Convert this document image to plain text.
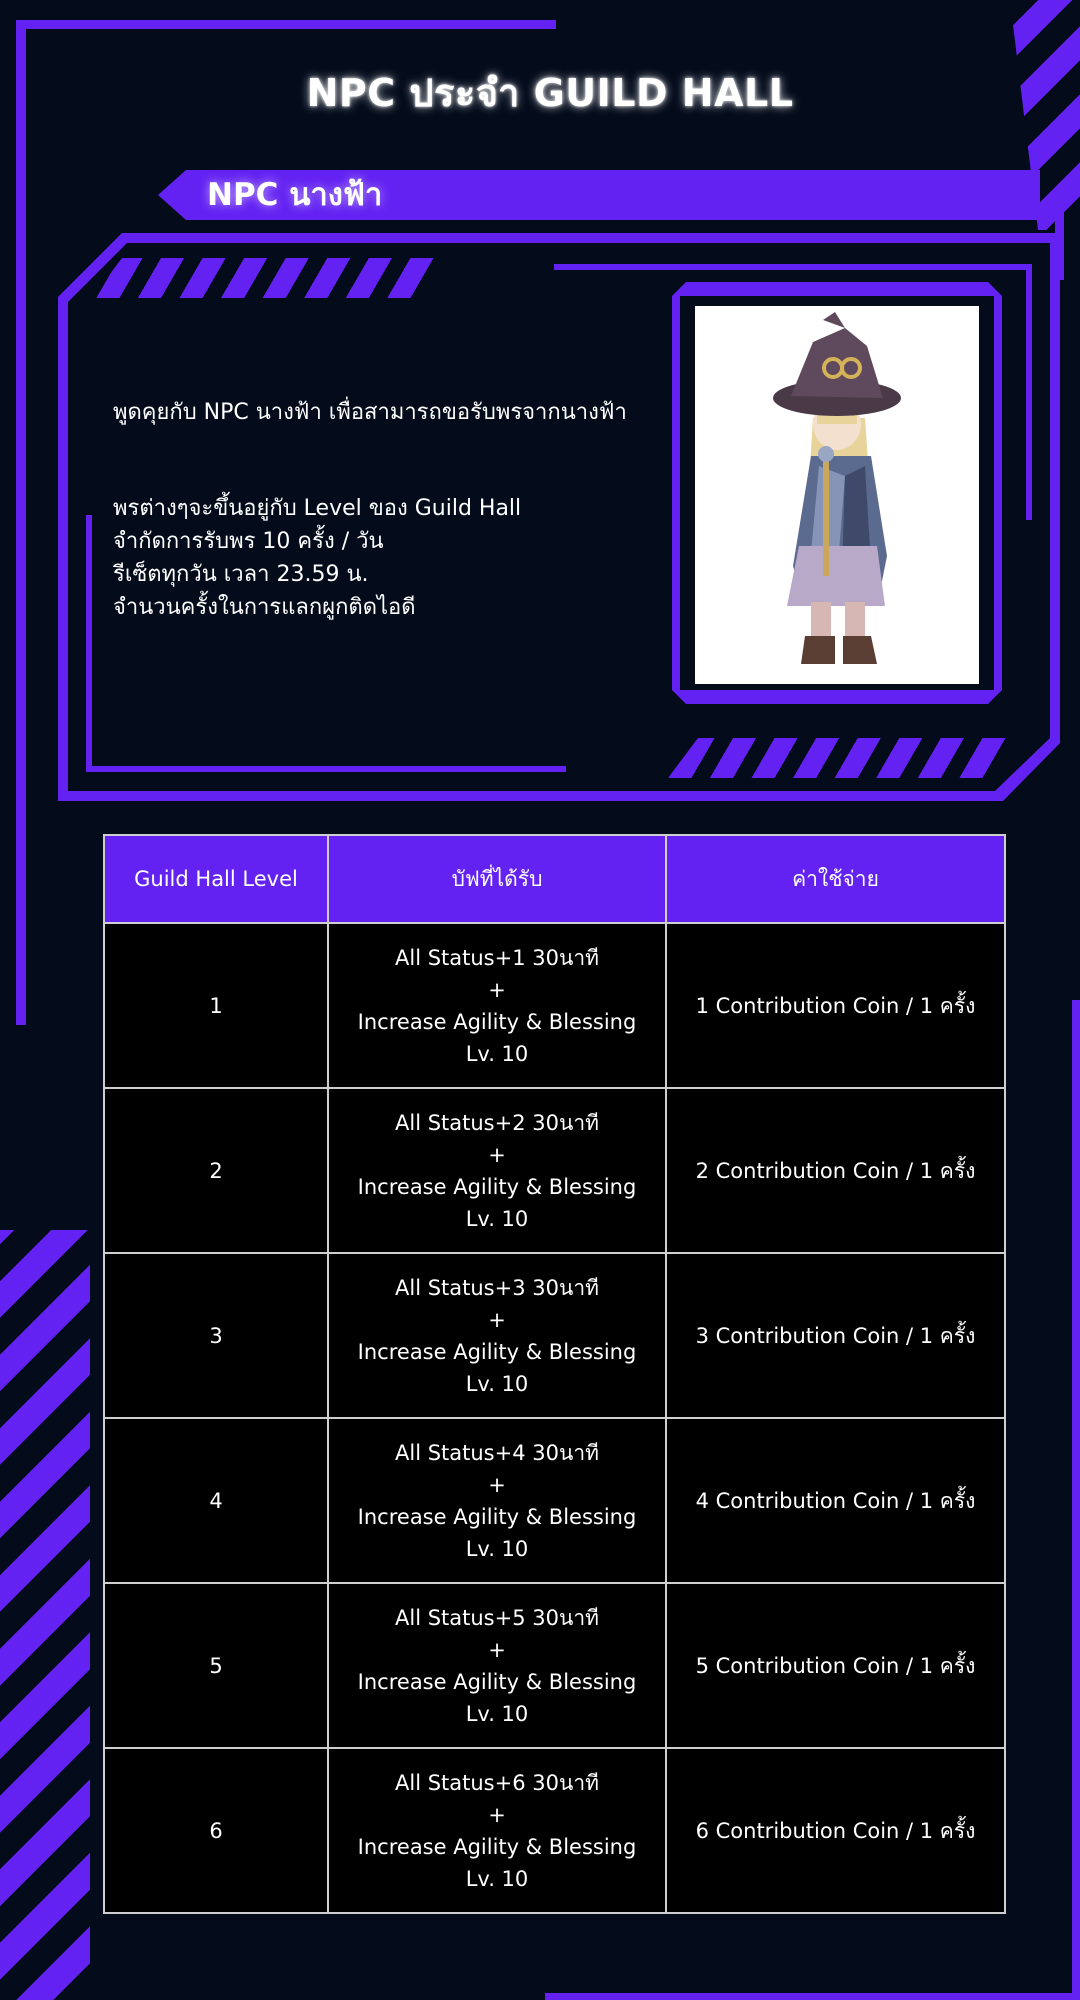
NPC ประจำ GUILD HALL
NPC นางฟ้า

พูดคุยกับ NPC นางฟ้า เพื่อสามารถขอรับพรจากนางฟ้า

พรต่างๆจะขึ้นอยู่กับ Level ของ Guild Hall

จำกัดการรับพร 10 ครั้ง / วัน

รีเซ็ตทุกวัน เวลา 23.59 น.

จำนวนครั้งในการแลกผูกติดไอดี

Guild Hall Level	บัฟที่ได้รับ	ค่าใช้จ่าย
1	All Status+1 30นาที
+
Increase Agility & Blessing
Lv. 10	1 Contribution Coin / 1 ครั้ง
2	All Status+2 30นาที
+
Increase Agility & Blessing
Lv. 10	2 Contribution Coin / 1 ครั้ง
3	All Status+3 30นาที
+
Increase Agility & Blessing
Lv. 10	3 Contribution Coin / 1 ครั้ง
4	All Status+4 30นาที
+
Increase Agility & Blessing
Lv. 10	4 Contribution Coin / 1 ครั้ง
5	All Status+5 30นาที
+
Increase Agility & Blessing
Lv. 10	5 Contribution Coin / 1 ครั้ง
6	All Status+6 30นาที
+
Increase Agility & Blessing
Lv. 10	6 Contribution Coin / 1 ครั้ง
